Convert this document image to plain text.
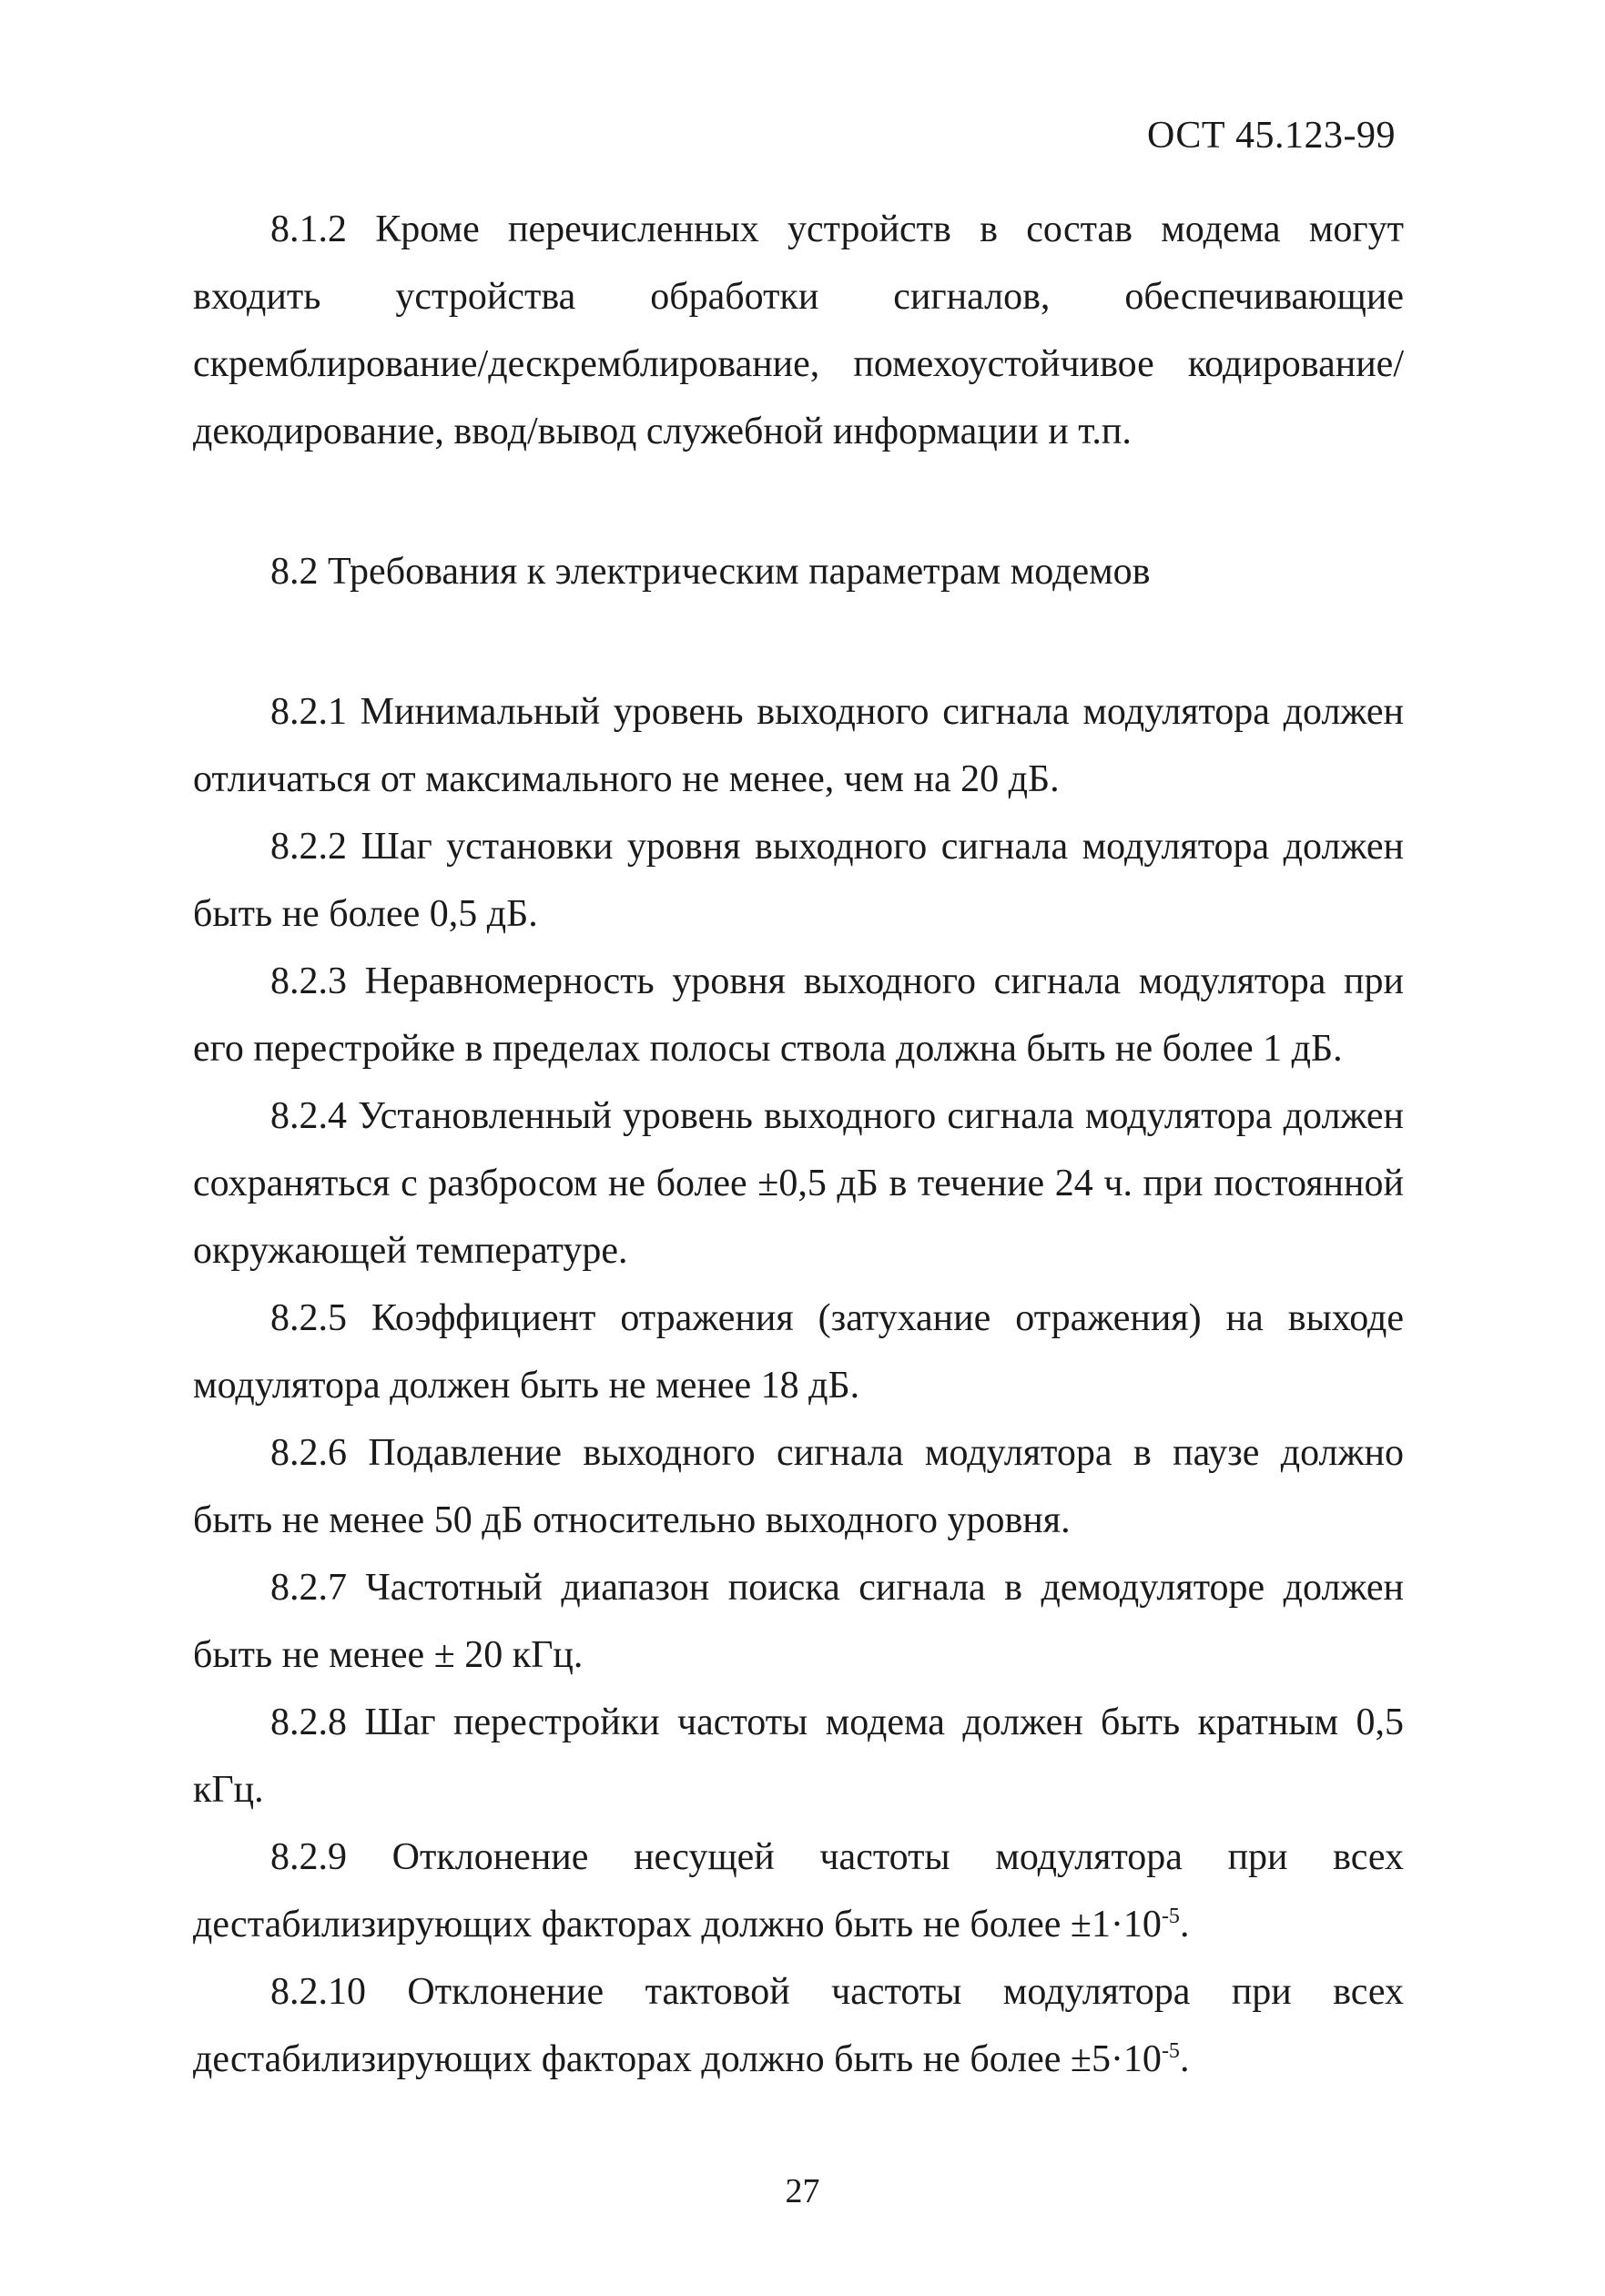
ОСТ 45.123-99

8.1.2 Кроме перечисленных устройств в состав модема могут входить устройства обработки сигналов, обеспечивающие скремблирование/дескремблирование, помехоустойчивое кодирование/декодирование, ввод/вывод служебной информации и т.п.

8.2 Требования к электрическим параметрам модемов

8.2.1 Минимальный уровень выходного сигнала модулятора должен отличаться от максимального не менее, чем на 20 дБ.

8.2.2 Шаг установки уровня выходного сигнала модулятора должен быть не более 0,5 дБ.

8.2.3 Неравномерность уровня выходного сигнала модулятора при его перестройке в пределах полосы ствола должна быть не более 1 дБ.

8.2.4 Установленный уровень выходного сигнала модулятора должен сохраняться с разбросом не более ±0,5 дБ в течение 24 ч. при постоянной окружающей температуре.

8.2.5 Коэффициент отражения (затухание отражения) на выходе модулятора должен быть не менее 18 дБ.

8.2.6 Подавление выходного сигнала модулятора в паузе должно быть не менее 50 дБ относительно выходного уровня.

8.2.7 Частотный диапазон поиска сигнала в демодуляторе должен быть не менее ± 20 кГц.

8.2.8 Шаг перестройки частоты модема должен быть кратным 0,5 кГц.

8.2.9 Отклонение несущей частоты модулятора при всех дестабилизирующих факторах должно быть не более $\pm 1\cdot 10^{-5}$.

8.2.10 Отклонение тактовой частоты модулятора при всех дестабилизирующих факторах должно быть не более $\pm 5\cdot 10^{-5}$.

27
